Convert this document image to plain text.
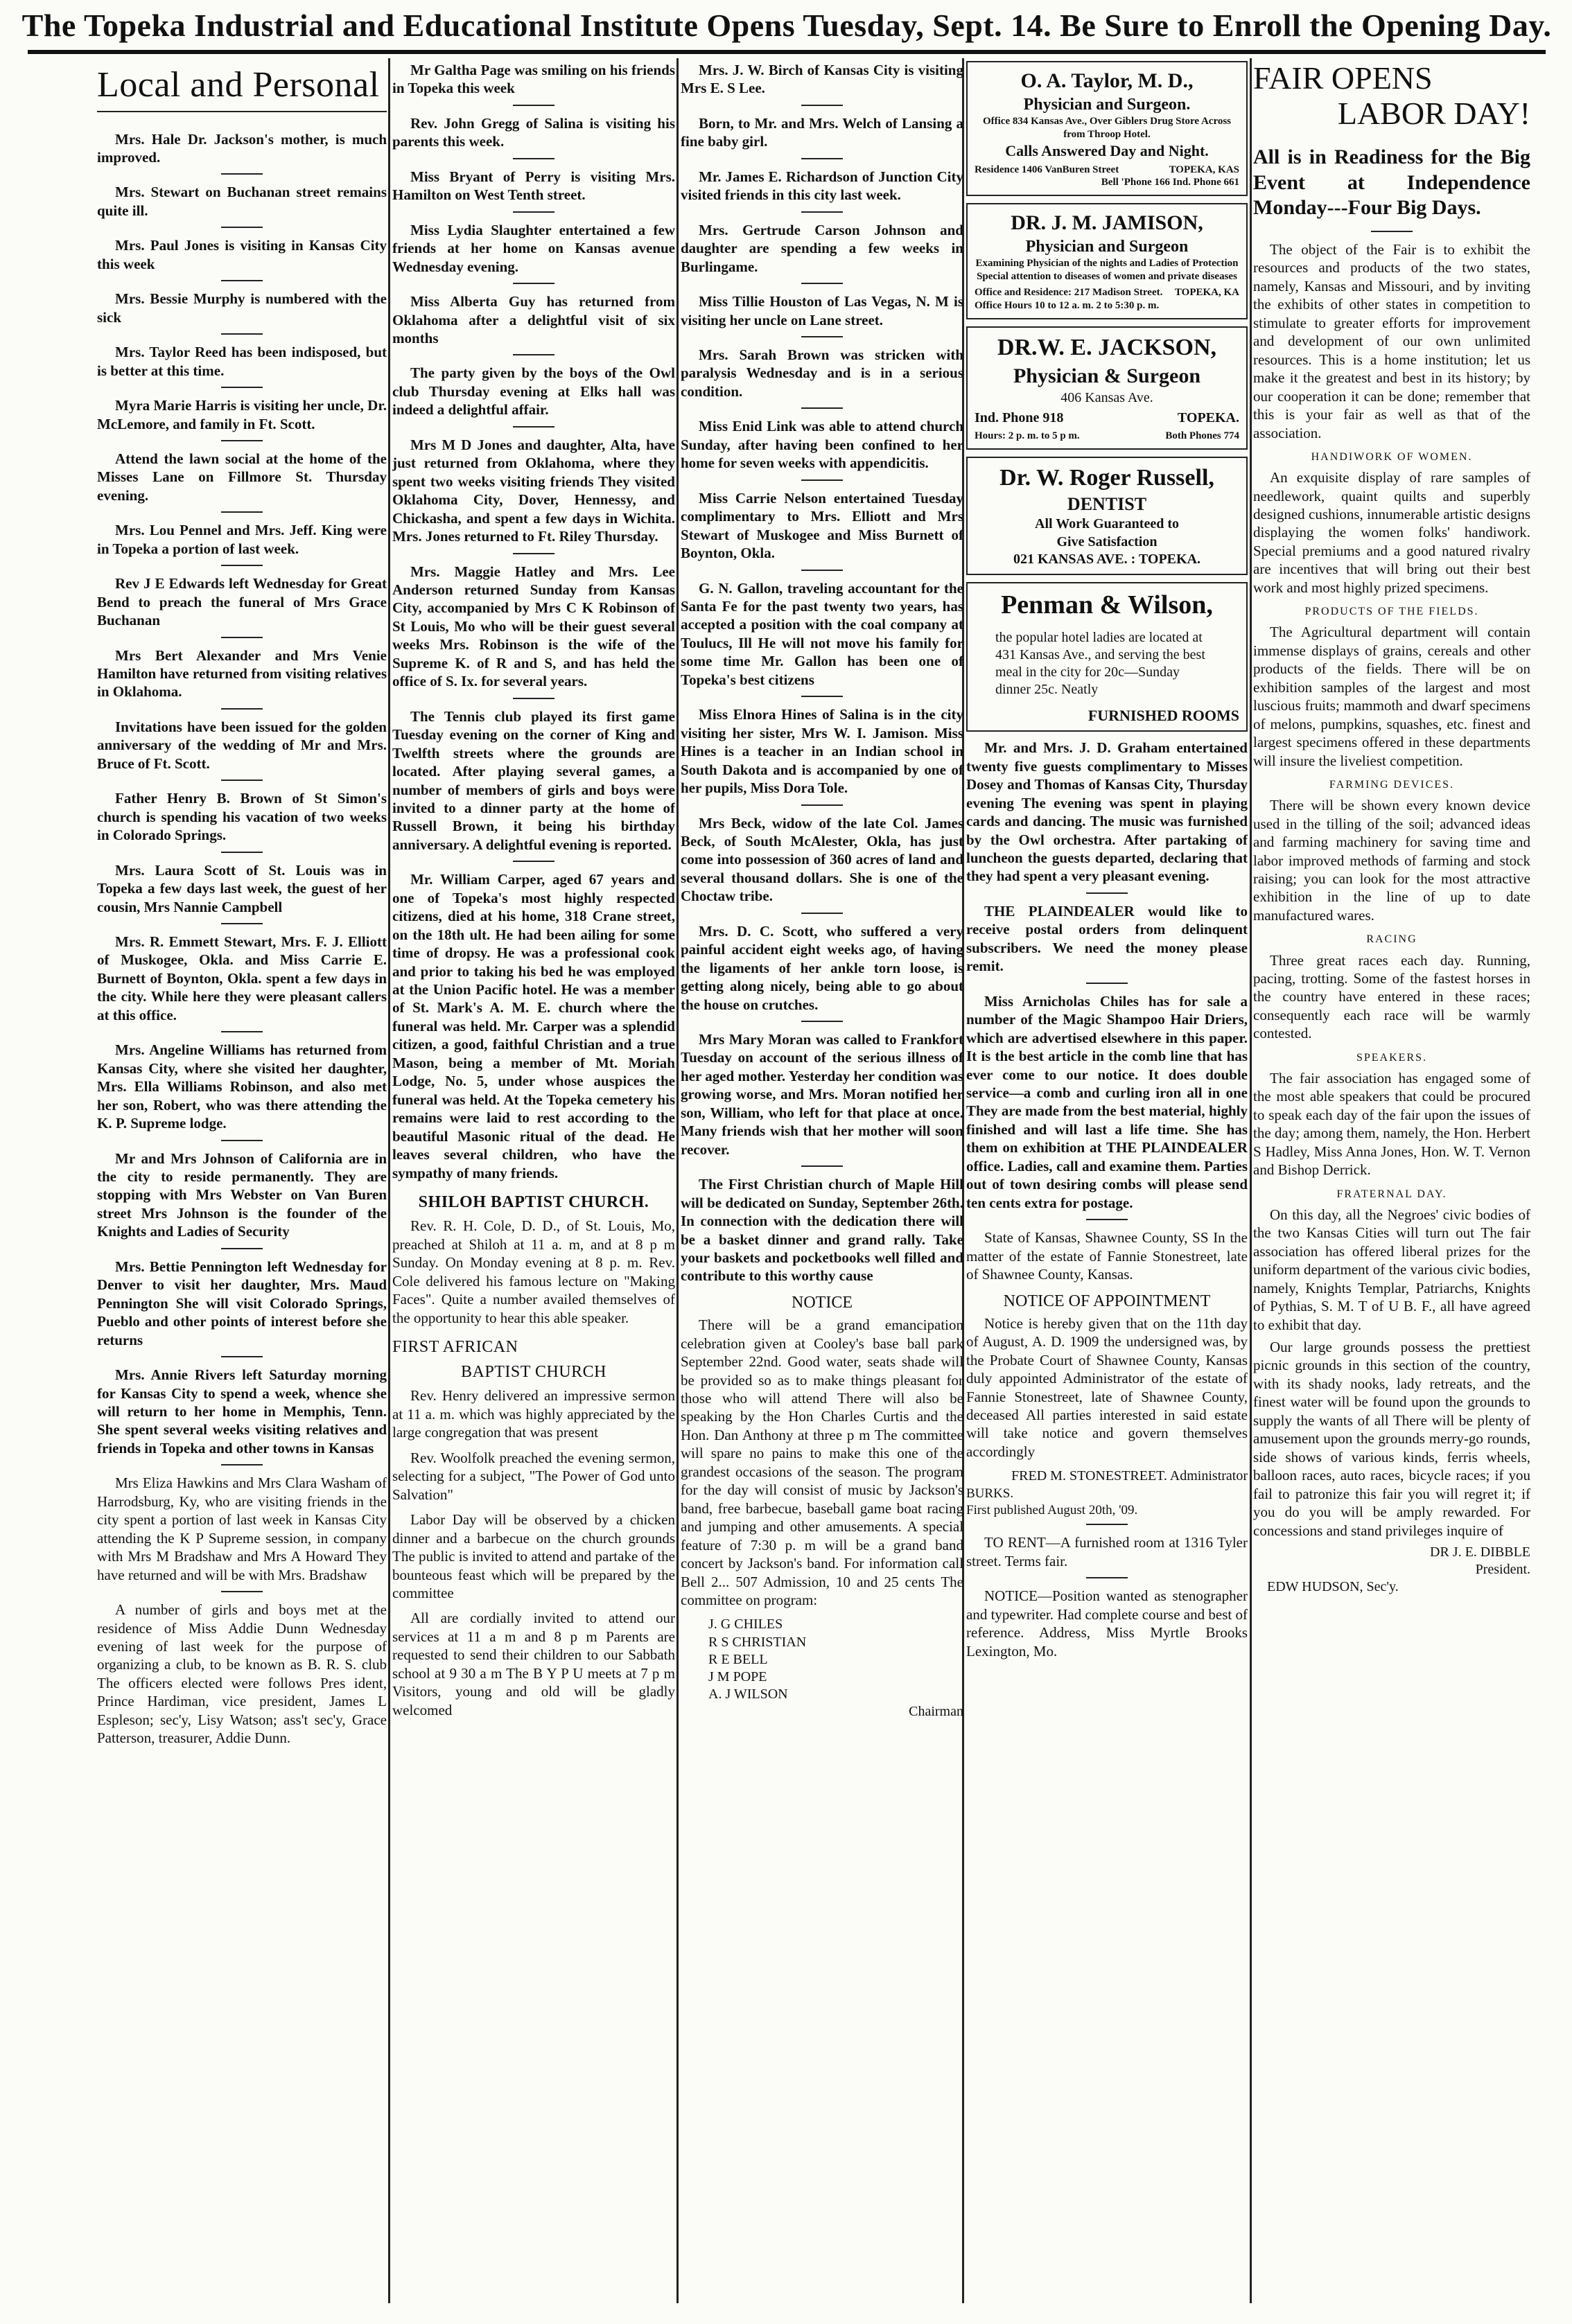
The Topeka Industrial and Educational Institute Opens Tuesday, Sept. 14. Be Sure to Enroll the Opening Day.
Local and Personal

Mrs. Hale Dr. Jackson's mother, is much improved.

Mrs. Stewart on Buchanan street remains quite ill.

Mrs. Paul Jones is visiting in Kansas City this week

Mrs. Bessie Murphy is numbered with the sick

Mrs. Taylor Reed has been indisposed, but is better at this time.

Myra Marie Harris is visiting her uncle, Dr. McLemore, and family in Ft. Scott.

Attend the lawn social at the home of the Misses Lane on Fillmore St. Thursday evening.

Mrs. Lou Pennel and Mrs. Jeff. King were in Topeka a portion of last week.

Rev J E Edwards left Wednesday for Great Bend to preach the funeral of Mrs Grace Buchanan

Mrs Bert Alexander and Mrs Venie Hamilton have returned from visiting relatives in Oklahoma.

Invitations have been issued for the golden anniversary of the wedding of Mr and Mrs. Bruce of Ft. Scott.

Father Henry B. Brown of St Simon's church is spending his vacation of two weeks in Colorado Springs.

Mrs. Laura Scott of St. Louis was in Topeka a few days last week, the guest of her cousin, Mrs Nannie Campbell

Mrs. R. Emmett Stewart, Mrs. F. J. Elliott of Muskogee, Okla. and Miss Carrie E. Burnett of Boynton, Okla. spent a few days in the city. While here they were pleasant callers at this office.

Mrs. Angeline Williams has returned from Kansas City, where she visited her daughter, Mrs. Ella Williams Robinson, and also met her son, Robert, who was there attending the K. P. Supreme lodge.

Mr and Mrs Johnson of California are in the city to reside permanently. They are stopping with Mrs Webster on Van Buren street Mrs Johnson is the founder of the Knights and Ladies of Security

Mrs. Bettie Pennington left Wednesday for Denver to visit her daughter, Mrs. Maud Pennington She will visit Colorado Springs, Pueblo and other points of interest before she returns

Mrs. Annie Rivers left Saturday morning for Kansas City to spend a week, whence she will return to her home in Memphis, Tenn. She spent several weeks visiting relatives and friends in Topeka and other towns in Kansas

Mrs Eliza Hawkins and Mrs Clara Washam of Harrodsburg, Ky, who are visiting friends in the city spent a portion of last week in Kansas City attending the K P Supreme session, in company with Mrs M Bradshaw and Mrs A Howard They have returned and will be with Mrs. Bradshaw

A number of girls and boys met at the residence of Miss Addie Dunn Wednesday evening of last week for the purpose of organizing a club, to be known as B. R. S. club The officers elected were follows Pres ident, Prince Hardiman, vice president, James L Espleson; sec'y, Lisy Watson; ass't sec'y, Grace Patterson, treasurer, Addie Dunn.

Mr Galtha Page was smiling on his friends in Topeka this week

Rev. John Gregg of Salina is visiting his parents this week.

Miss Bryant of Perry is visiting Mrs. Hamilton on West Tenth street.

Miss Lydia Slaughter entertained a few friends at her home on Kansas avenue Wednesday evening.

Miss Alberta Guy has returned from Oklahoma after a delightful visit of six months

The party given by the boys of the Owl club Thursday evening at Elks hall was indeed a delightful affair.

Mrs M D Jones and daughter, Alta, have just returned from Oklahoma, where they spent two weeks visiting friends They visited Oklahoma City, Dover, Hennessy, and Chickasha, and spent a few days in Wichita. Mrs. Jones returned to Ft. Riley Thursday.

Mrs. Maggie Hatley and Mrs. Lee Anderson returned Sunday from Kansas City, accompanied by Mrs C K Robinson of St Louis, Mo who will be their guest several weeks Mrs. Robinson is the wife of the Supreme K. of R and S, and has held the office of S. Ix. for several years.

The Tennis club played its first game Tuesday evening on the corner of King and Twelfth streets where the grounds are located. After playing several games, a number of members of girls and boys were invited to a dinner party at the home of Russell Brown, it being his birthday anniversary. A delightful evening is reported.

Mr. William Carper, aged 67 years and one of Topeka's most highly respected citizens, died at his home, 318 Crane street, on the 18th ult. He had been ailing for some time of dropsy. He was a professional cook and prior to taking his bed he was employed at the Union Pacific hotel. He was a member of St. Mark's A. M. E. church where the funeral was held. Mr. Carper was a splendid citizen, a good, faithful Christian and a true Mason, being a member of Mt. Moriah Lodge, No. 5, under whose auspices the funeral was held. At the Topeka cemetery his remains were laid to rest according to the beautiful Masonic ritual of the dead. He leaves several children, who have the sympathy of many friends.

SHILOH BAPTIST CHURCH.

Rev. R. H. Cole, D. D., of St. Louis, Mo, preached at Shiloh at 11 a. m, and at 8 p m Sunday. On Monday evening at 8 p. m. Rev. Cole delivered his famous lecture on "Making Faces". Quite a number availed themselves of the opportunity to hear this able speaker.

FIRST AFRICAN
BAPTIST CHURCH

Rev. Henry delivered an impressive sermon at 11 a. m. which was highly appreciated by the large congregation that was present

Rev. Woolfolk preached the evening sermon, selecting for a subject, "The Power of God unto Salvation"

Labor Day will be observed by a chicken dinner and a barbecue on the church grounds The public is invited to attend and partake of the bounteous feast which will be prepared by the committee

All are cordially invited to attend our services at 11 a m and 8 p m Parents are requested to send their children to our Sabbath school at 9 30 a m The B Y P U meets at 7 p m Visitors, young and old will be gladly welcomed

Mrs. J. W. Birch of Kansas City is visiting Mrs E. S Lee.

Born, to Mr. and Mrs. Welch of Lansing a fine baby girl.

Mr. James E. Richardson of Junction City visited friends in this city last week.

Mrs. Gertrude Carson Johnson and daughter are spending a few weeks in Burlingame.

Miss Tillie Houston of Las Vegas, N. M is visiting her uncle on Lane street.

Mrs. Sarah Brown was stricken with paralysis Wednesday and is in a serious condition.

Miss Enid Link was able to attend church Sunday, after having been confined to her home for seven weeks with appendicitis.

Miss Carrie Nelson entertained Tuesday complimentary to Mrs. Elliott and Mrs Stewart of Muskogee and Miss Burnett of Boynton, Okla.

G. N. Gallon, traveling accountant for the Santa Fe for the past twenty two years, has accepted a position with the coal company at Toulucs, Ill He will not move his family for some time Mr. Gallon has been one of Topeka's best citizens

Miss Elnora Hines of Salina is in the city visiting her sister, Mrs W. I. Jamison. Miss Hines is a teacher in an Indian school in South Dakota and is accompanied by one of her pupils, Miss Dora Tole.

Mrs Beck, widow of the late Col. James Beck, of South McAlester, Okla, has just come into possession of 360 acres of land and several thousand dollars. She is one of the Choctaw tribe.

Mrs. D. C. Scott, who suffered a very painful accident eight weeks ago, of having the ligaments of her ankle torn loose, is getting along nicely, being able to go about the house on crutches.

Mrs Mary Moran was called to Frankfort Tuesday on account of the serious illness of her aged mother. Yesterday her condition was growing worse, and Mrs. Moran notified her son, William, who left for that place at once. Many friends wish that her mother will soon recover.

The First Christian church of Maple Hill will be dedicated on Sunday, September 26th. In connection with the dedication there will be a basket dinner and grand rally. Take your baskets and pocketbooks well filled and contribute to this worthy cause

NOTICE

There will be a grand emancipation celebration given at Cooley's base ball park September 22nd. Good water, seats shade will be provided so as to make things pleasant for those who will attend There will also be speaking by the Hon Charles Curtis and the Hon. Dan Anthony at three p m The committee will spare no pains to make this one of the grandest occasions of the season. The program for the day will consist of music by Jackson's band, free barbecue, baseball game boat racing and jumping and other amusements. A special feature of 7:30 p. m will be a grand band concert by Jackson's band. For information call Bell 2... 507 Admission, 10 and 25 cents The committee on program:

J. G CHILES
R S CHRISTIAN
R E BELL
J M POPE
A. J WILSON
Chairman
O. A. Taylor, M. D.,
Physician and Surgeon.
Office 834 Kansas Ave., Over Giblers Drug Store Across from Throop Hotel.
Calls Answered Day and Night.
Residence 1406 VanBuren Street	TOPEKA, KAS
Bell 'Phone 166 Ind. Phone 661
DR. J. M. JAMISON,
Physician and Surgeon
Examining Physician of the nights and Ladies of Protection
Special attention to diseases of women and private diseases
Office and Residence: 217 Madison Street. TOPEKA, KA
Office Hours 10 to 12 a. m. 2 to 5:30 p. m.
DR.W. E. JACKSON,
Physician & Surgeon
406 Kansas Ave.
Ind. Phone 918	TOPEKA.
Hours: 2 p. m. to 5 p m.	Both Phones 774
Dr. W. Roger Russell,
DENTIST
All Work Guaranteed to
Give Satisfaction
021 KANSAS AVE. : TOPEKA.
Penman & Wilson,
the popular hotel ladies are located at 431 Kansas Ave., and serving the best meal in the city for 20c—Sunday dinner 25c. Neatly
FURNISHED ROOMS

Mr. and Mrs. J. D. Graham entertained twenty five guests complimentary to Misses Dosey and Thomas of Kansas City, Thursday evening The evening was spent in playing cards and dancing. The music was furnished by the Owl orchestra. After partaking of luncheon the guests departed, declaring that they had spent a very pleasant evening.

THE PLAINDEALER would like to receive postal orders from delinquent subscribers. We need the money please remit.

Miss Arnicholas Chiles has for sale a number of the Magic Shampoo Hair Driers, which are advertised elsewhere in this paper. It is the best article in the comb line that has ever come to our notice. It does double service—a comb and curling iron all in one They are made from the best material, highly finished and will last a life time. She has them on exhibition at THE PLAINDEALER office. Ladies, call and examine them. Parties out of town desiring combs will please send ten cents extra for postage.

State of Kansas, Shawnee County, SS In the matter of the estate of Fannie Stonestreet, late of Shawnee County, Kansas.

NOTICE OF APPOINTMENT

Notice is hereby given that on the 11th day of August, A. D. 1909 the undersigned was, by the Probate Court of Shawnee County, Kansas duly appointed Administrator of the estate of Fannie Stonestreet, late of Shawnee County, deceased All parties interested in said estate will take notice and govern themselves accordingly

FRED M. STONESTREET. Administrator
BURKS.
First published August 20th, '09.

TO RENT—A furnished room at 1316 Tyler street. Terms fair.

NOTICE—Position wanted as stenographer and typewriter. Had complete course and best of reference. Address, Miss Myrtle Brooks Lexington, Mo.

FAIR OPENS
LABOR DAY!
All is in Readiness for the Big Event at Independence Monday---Four Big Days.

The object of the Fair is to exhibit the resources and products of the two states, namely, Kansas and Missouri, and by inviting the exhibits of other states in competition to stimulate to greater efforts for improvement and development of our own unlimited resources. This is a home institution; let us make it the greatest and best in its history; by our cooperation it can be done; remember that this is your fair as well as that of the association.

HANDIWORK OF WOMEN.

An exquisite display of rare samples of needlework, quaint quilts and superbly designed cushions, innumerable artistic designs displaying the women folks' handiwork. Special premiums and a good natured rivalry are incentives that will bring out their best work and most highly prized specimens.

PRODUCTS OF THE FIELDS.

The Agricultural department will contain immense displays of grains, cereals and other products of the fields. There will be on exhibition samples of the largest and most luscious fruits; mammoth and dwarf specimens of melons, pumpkins, squashes, etc. finest and largest specimens offered in these departments will insure the liveliest competition.

FARMING DEVICES.

There will be shown every known device used in the tilling of the soil; advanced ideas and farming machinery for saving time and labor improved methods of farming and stock raising; you can look for the most attractive exhibition in the line of up to date manufactured wares.

RACING

Three great races each day. Running, pacing, trotting. Some of the fastest horses in the country have entered in these races; consequently each race will be warmly contested.

SPEAKERS.

The fair association has engaged some of the most able speakers that could be procured to speak each day of the fair upon the issues of the day; among them, namely, the Hon. Herbert S Hadley, Miss Anna Jones, Hon. W. T. Vernon and Bishop Derrick.

FRATERNAL DAY.

On this day, all the Negroes' civic bodies of the two Kansas Cities will turn out The fair association has offered liberal prizes for the uniform department of the various civic bodies, namely, Knights Templar, Patriarchs, Knights of Pythias, S. M. T of U B. F., all have agreed to exhibit that day.

Our large grounds possess the prettiest picnic grounds in this section of the country, with its shady nooks, lady retreats, and the finest water will be found upon the grounds to supply the wants of all There will be plenty of amusement upon the grounds merry-go rounds, side shows of various kinds, ferris wheels, balloon races, auto races, bicycle races; if you fail to patronize this fair you will regret it; if you do you will be amply rewarded. For concessions and stand privileges inquire of

DR J. E. DIBBLE
President.
EDW HUDSON, Sec'y.
